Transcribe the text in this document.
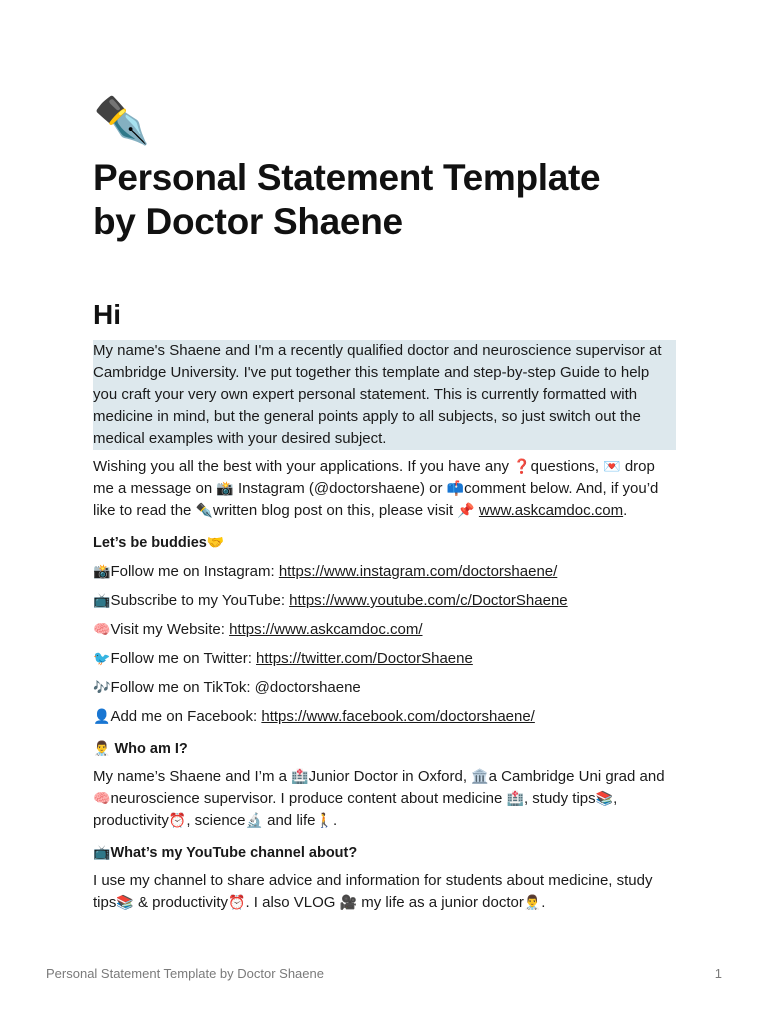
✒️
Personal Statement Template
by Doctor Shaene
Hi

My name's Shaene and I'm a recently qualified doctor and neuroscience supervisor at Cambridge University. I've put together this template and step-by-step Guide to help you craft your very own expert personal statement. This is currently formatted with medicine in mind, but the general points apply to all subjects, so just switch out the medical examples with your desired subject.

Wishing you all the best with your applications. If you have any ❓questions, 💌 drop me a message on 📸 Instagram (@doctorshaene) or 📫comment below. And, if you’d like to read the ✒️written blog post on this, please visit 📌 www.askcamdoc.com.

Let’s be buddies🤝

📸Follow me on Instagram: https://www.instagram.com/doctorshaene/

📺Subscribe to my YouTube: https://www.youtube.com/c/DoctorShaene

🧠Visit my Website: https://www.askcamdoc.com/

🐦Follow me on Twitter: https://twitter.com/DoctorShaene

🎶Follow me on TikTok: @doctorshaene

👤Add me on Facebook: https://www.facebook.com/doctorshaene/

👨‍⚕️ Who am I?

My name’s Shaene and I’m a 🏥Junior Doctor in Oxford, 🏛️a Cambridge Uni grad and 🧠neuroscience supervisor. I produce content about medicine 🏥, study tips📚, productivity⏰, science🔬 and life🚶.

📺What’s my YouTube channel about?

I use my channel to share advice and information for students about medicine, study tips📚 & productivity⏰. I also VLOG 🎥 my life as a junior doctor👨‍⚕️.

Personal Statement Template by Doctor Shaene	1
